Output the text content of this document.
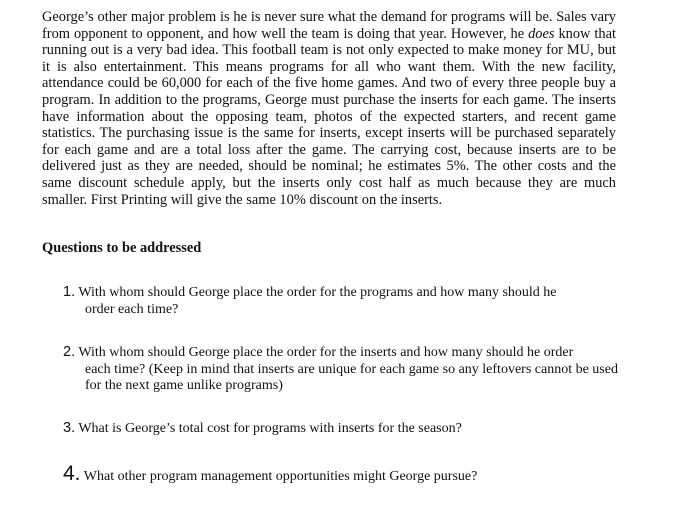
George’s other major problem is he is never sure what the demand for programs will be. Sales vary from opponent to opponent, and how well the team is doing that year. However, he does know that running out is a very bad idea. This football team is not only expected to make money for MU, but it is also entertainment. This means programs for all who want them. With the new facility, attendance could be 60,000 for each of the five home games. And two of every three people buy a program. In addition to the programs, George must purchase the inserts for each game. The inserts have information about the opposing team, photos of the expected starters, and recent game statistics. The purchasing issue is the same for inserts, except inserts will be purchased separately for each game and are a total loss after the game. The carrying cost, because inserts are to be delivered just as they are needed, should be nominal; he estimates 5%. The other costs and the same discount schedule apply, but the inserts only cost half as much because they are much smaller. First Printing will give the same 10% discount on the inserts.

Questions to be addressed

1. With whom should George place the order for the programs and how many should he
order each time?

2. With whom should George place the order for the inserts and how many should he order
each time? (Keep in mind that inserts are unique for each game so any leftovers cannot be used for the next game unlike programs)

3. What is George’s total cost for programs with inserts for the season?

4. What other program management opportunities might George pursue?
